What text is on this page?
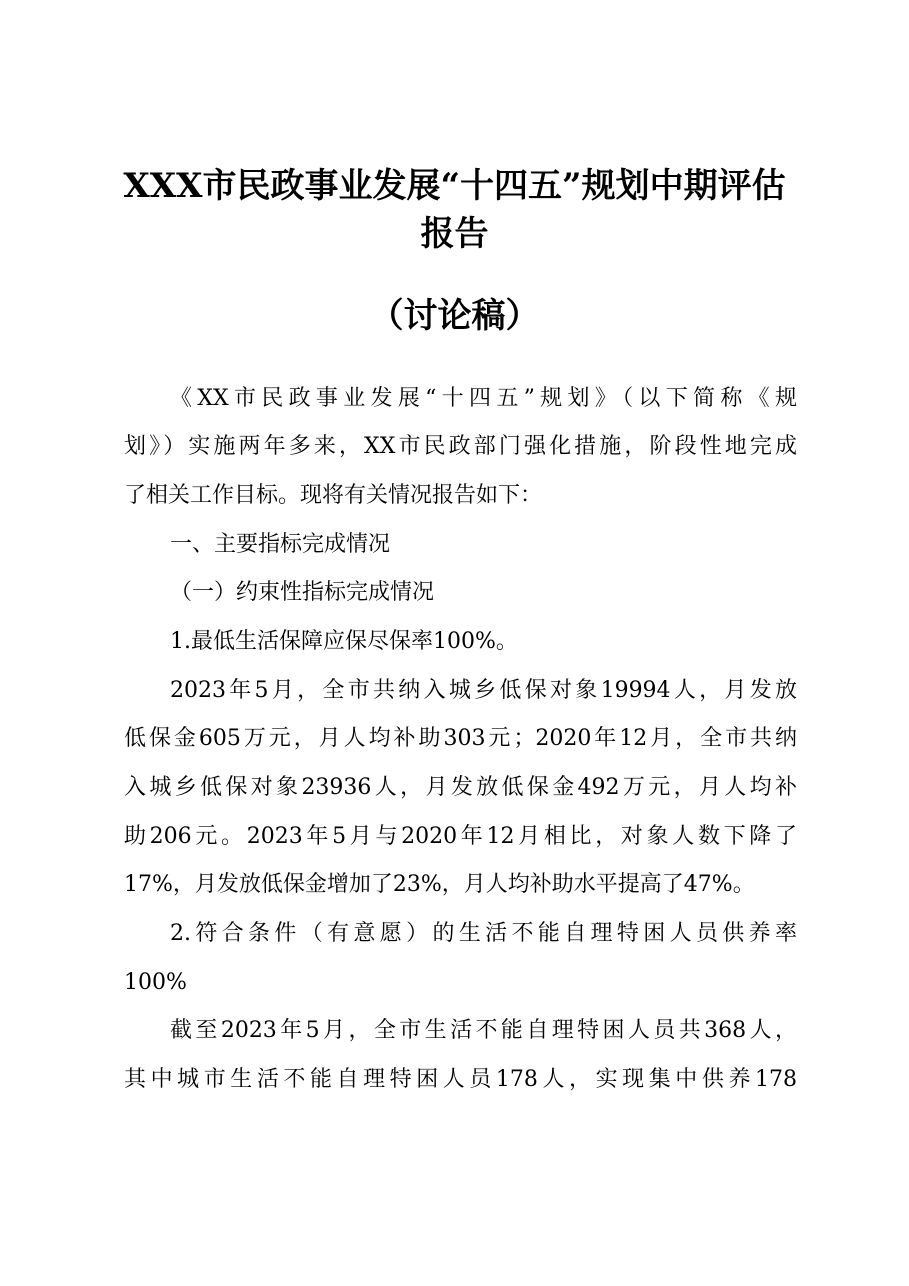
XXX市民政事业发展“十四五”规划中期评估
报告
（讨论稿）

《XX市民政事业发展“十四五”规划》（以下简称《规

划》）实施两年多来，XX市民政部门强化措施，阶段性地完成

了相关工作目标。现将有关情况报告如下：

一、主要指标完成情况

（一）约束性指标完成情况

1.最低生活保障应保尽保率100%。

2023年5月，全市共纳入城乡低保对象19994人，月发放

低保金605万元，月人均补助303元；2020年12月，全市共纳

入城乡低保对象23936人，月发放低保金492万元，月人均补

助206元。2023年5月与2020年12月相比，对象人数下降了

17%，月发放低保金增加了23%，月人均补助水平提高了47%。

2.符合条件（有意愿）的生活不能自理特困人员供养率

100%

截至2023年5月，全市生活不能自理特困人员共368人，

其中城市生活不能自理特困人员178人，实现集中供养178
